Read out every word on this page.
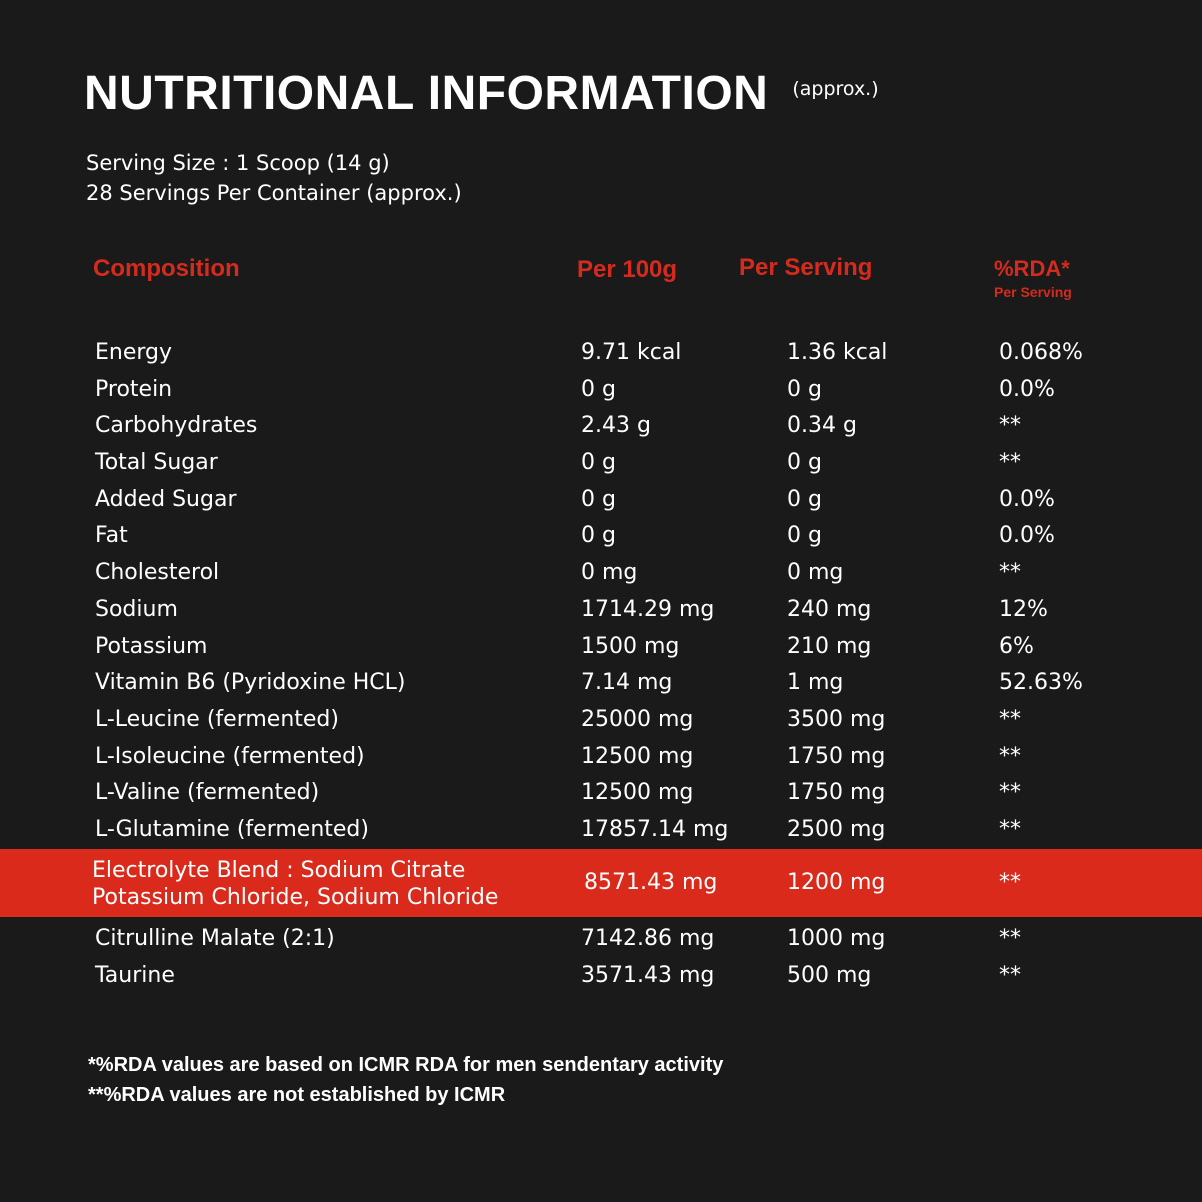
NUTRITIONAL INFORMATION (approx.)
Serving Size : 1 Scoop (14 g)
28 Servings Per Container (approx.)
Composition	Per 100g	Per Serving	%RDA*
Per Serving
Energy	9.71 kcal	1.36 kcal	0.068%
Protein	0 g	0 g	0.0%
Carbohydrates	2.43 g	0.34 g	**
Total Sugar	0 g	0 g	**
Added Sugar	0 g	0 g	0.0%
Fat	0 g	0 g	0.0%
Cholesterol	0 mg	0 mg	**
Sodium	1714.29 mg	240 mg	12%
Potassium	1500 mg	210 mg	6%
Vitamin B6 (Pyridoxine HCL)	7.14 mg	1 mg	52.63%
L-Leucine (fermented)	25000 mg	3500 mg	**
L-Isoleucine (fermented)	12500 mg	1750 mg	**
L-Valine (fermented)	12500 mg	1750 mg	**
L-Glutamine (fermented)	17857.14 mg	2500 mg	**
Electrolyte Blend : Sodium Citrate
Potassium Chloride, Sodium Chloride
8571.43 mg	1200 mg	**
Citrulline Malate (2:1)	7142.86 mg	1000 mg	**
Taurine	3571.43 mg	500 mg	**
*%RDA values are based on ICMR RDA for men sendentary activity
**%RDA values are not established by ICMR
